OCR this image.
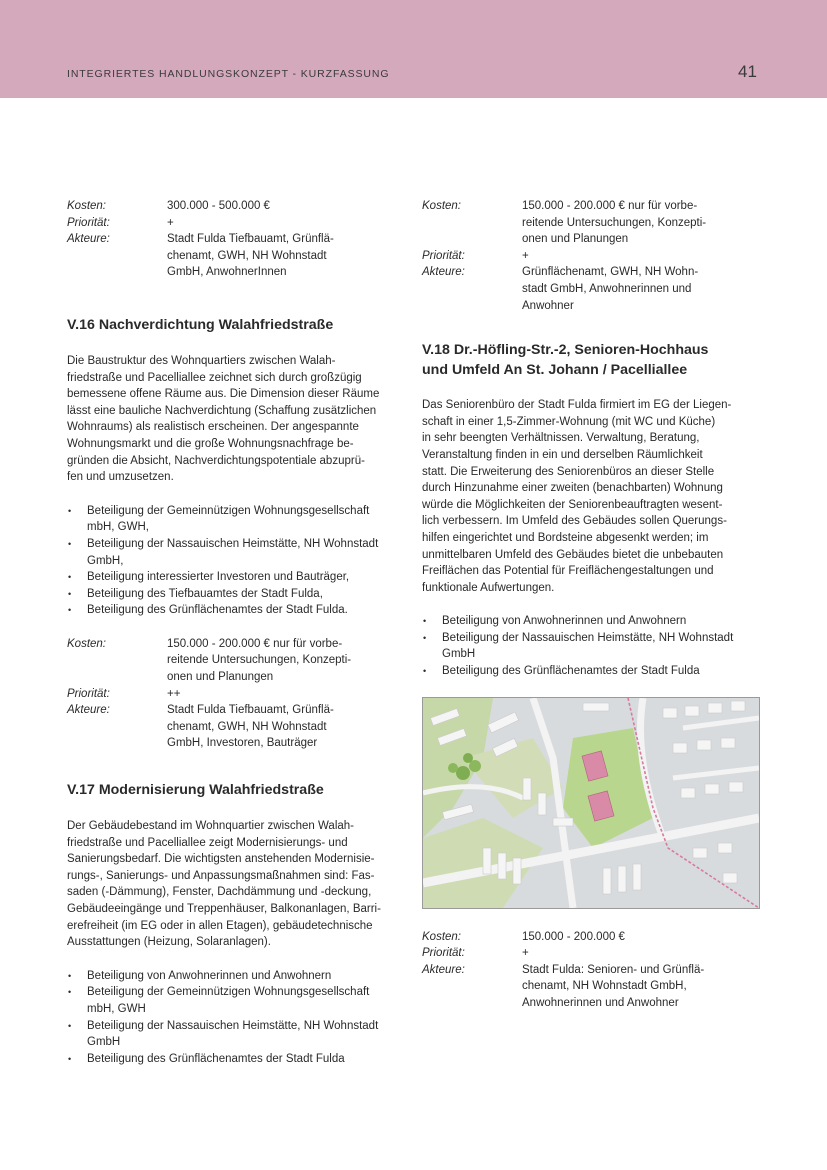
INTEGRIERTES HANDLUNGSKONZEPT - KURZFASSUNG	41
Kosten:	300.000 - 500.000 €
Priorität:	+
Akteure:	Stadt Fulda Tiefbauamt, Grünflä-
chenamt, GWH, NH Wohnstadt
GmbH, AnwohnerInnen
V.16 Nachverdichtung Walahfriedstraße

Die Baustruktur des Wohnquartiers zwischen Walah-
friedstraße und Pacelliallee zeichnet sich durch großzügig
bemessene offene Räume aus. Die Dimension dieser Räume
lässt eine bauliche Nachverdichtung (Schaffung zusätzlichen
Wohnraums) als realistisch erscheinen. Der angespannte
Wohnungsmarkt und die große Wohnungsnachfrage be-
gründen die Absicht, Nachverdichtungspotentiale abzuprü-
fen und umzusetzen.

• Beteiligung der Gemeinnützigen Wohnungsgesellschaft
mbH, GWH,
• Beteiligung der Nassauischen Heimstätte, NH Wohnstadt
GmbH,
• Beteiligung interessierter Investoren und Bauträger,
• Beteiligung des Tiefbauamtes der Stadt Fulda,
• Beteiligung des Grünflächenamtes der Stadt Fulda.
Kosten:	150.000 - 200.000 € nur für vorbe-
reitende Untersuchungen, Konzepti-
onen und Planungen
Priorität:	++
Akteure:	Stadt Fulda Tiefbauamt, Grünflä-
chenamt, GWH, NH Wohnstadt
GmbH, Investoren, Bauträger
V.17 Modernisierung Walahfriedstraße

Der Gebäudebestand im Wohnquartier zwischen Walah-
friedstraße und Pacelliallee zeigt Modernisierungs- und
Sanierungsbedarf. Die wichtigsten anstehenden Modernisie-
rungs-, Sanierungs- und Anpassungsmaßnahmen sind: Fas-
saden (-Dämmung), Fenster, Dachdämmung und -deckung,
Gebäudeeingänge und Treppenhäuser, Balkonanlagen, Barri-
erefreiheit (im EG oder in allen Etagen), gebäudetechnische
Ausstattungen (Heizung, Solaranlagen).

• Beteiligung von Anwohnerinnen und Anwohnern
• Beteiligung der Gemeinnützigen Wohnungsgesellschaft
mbH, GWH
• Beteiligung der Nassauischen Heimstätte, NH Wohnstadt
GmbH
• Beteiligung des Grünflächenamtes der Stadt Fulda
Kosten:	150.000 - 200.000 € nur für vorbe-
reitende Untersuchungen, Konzepti-
onen und Planungen
Priorität:	+
Akteure:	Grünflächenamt, GWH, NH Wohn-
stadt GmbH, Anwohnerinnen und
Anwohner
V.18 Dr.-Höfling-Str.-2, Senioren-Hochhaus
und Umfeld An St. Johann / Pacelliallee

Das Seniorenbüro der Stadt Fulda firmiert im EG der Liegen-
schaft in einer 1,5-Zimmer-Wohnung (mit WC und Küche)
in sehr beengten Verhältnissen. Verwaltung, Beratung,
Veranstaltung finden in ein und derselben Räumlichkeit
statt. Die Erweiterung des Seniorenbüros an dieser Stelle
durch Hinzunahme einer zweiten (benachbarten) Wohnung
würde die Möglichkeiten der Seniorenbeauftragten wesent-
lich verbessern. Im Umfeld des Gebäudes sollen Querungs-
hilfen eingerichtet und Bordsteine abgesenkt werden; im
unmittelbaren Umfeld des Gebäudes bietet die unbebauten
Freiflächen das Potential für Freiflächengestaltungen und
funktionale Aufwertungen.

• Beteiligung von Anwohnerinnen und Anwohnern
• Beteiligung der Nassauischen Heimstätte, NH Wohnstadt
GmbH
• Beteiligung des Grünflächenamtes der Stadt Fulda
Kosten:	150.000 - 200.000 €
Priorität:	+
Akteure:	Stadt Fulda: Senioren- und Grünflä-
chenamt, NH Wohnstadt GmbH,
Anwohnerinnen und Anwohner
